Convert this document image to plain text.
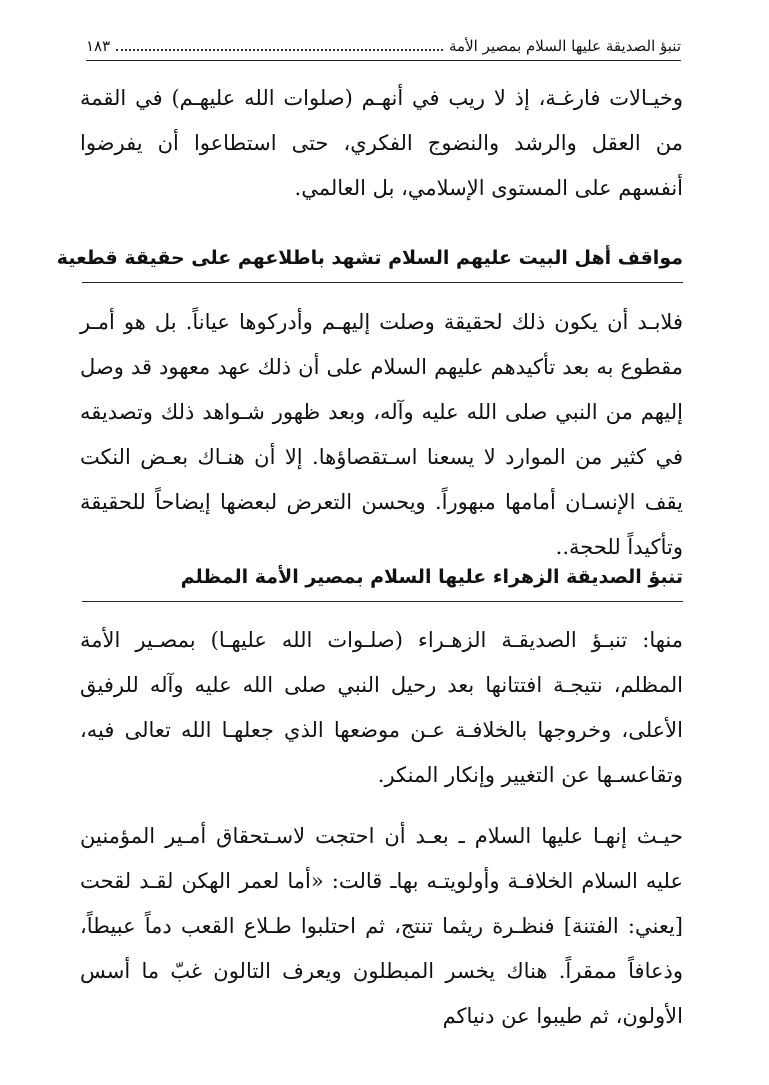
تنبؤ الصديقة عليها السلام بمصير الأمة
١٨٣

وخيـالات فارغـة، إذ لا ريب في أنهـم (صلوات الله عليهـم) في القمة من العقل والرشد والنضوج الفكري، حتى استطاعوا أن يفرضوا أنفسهم على المستوى الإسلامي، بل العالمي.

مواقف أهل البيت عليهم السلام تشهد باطلاعهم على حقيقة قطعية

فلابـد أن يكون ذلك لحقيقة وصلت إليهـم وأدركوها عياناً. بل هو أمـر مقطوع به بعد تأكيدهم عليهم السلام على أن ذلك عهد معهود قد وصل إليهم من النبي صلى الله عليه وآله، وبعد ظهور شـواهد ذلك وتصديقه في كثير من الموارد لا يسعنا اسـتقصاؤها. إلا أن هنـاك بعـض النكت يقف الإنسـان أمامها مبهوراً. ويحسن التعرض لبعضها إيضاحاً للحقيقة وتأكيداً للحجة..

تنبؤ الصديقة الزهراء عليها السلام بمصير الأمة المظلم

منها: تنبـؤ الصديقـة الزهـراء (صلـوات الله عليهـا) بمصـير الأمة المظلم، نتيجـة افتتانها بعد رحيل النبي صلى الله عليه وآله للرفيق الأعلى، وخروجها بالخلافـة عـن موضعها الذي جعلهـا الله تعالى فيه، وتقاعسـها عن التغيير وإنكار المنكر.

حيـث إنهـا عليها السلام ـ بعـد أن احتجت لاسـتحقاق أمـير المؤمنين عليه السلام الخلافـة وأولويتـه بهاـ قالت: «أما لعمر الهكن لقـد لقحت [يعني: الفتنة] فنظـرة ريثما تنتج، ثم احتلبوا طـلاع القعب دماً عبيطاً، وذعافاً ممقراً. هناك يخسر المبطلون ويعرف التالون غبّ ما أسس الأولون، ثم طيبوا عن دنياكم
